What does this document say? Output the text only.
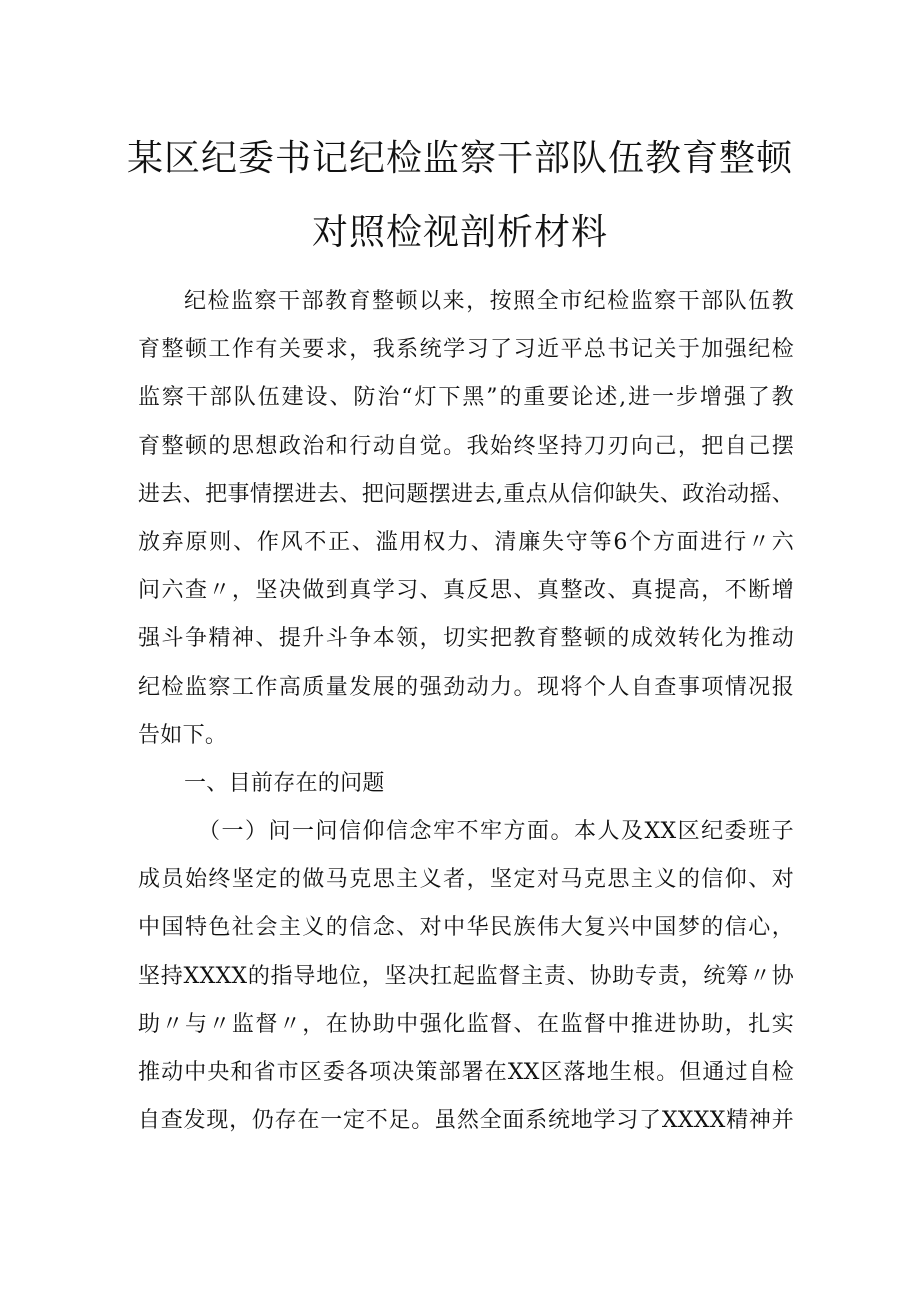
某区纪委书记纪检监察干部队伍教育整顿
对照检视剖析材料
纪检监察干部教育整顿以来，按照全市纪检监察干部队伍教
育整顿工作有关要求，我系统学习了习近平总书记关于加强纪检
监察干部队伍建设、防治“灯下黑”的重要论述,进一步增强了教
育整顿的思想政治和行动自觉。我始终坚持刀刃向己，把自己摆
进去、把事情摆进去、把问题摆进去,重点从信仰缺失、政治动摇、
放弃原则、作风不正、滥用权力、清廉失守等6个方面进行〃六
问六查〃，坚决做到真学习、真反思、真整改、真提高，不断增
强斗争精神、提升斗争本领，切实把教育整顿的成效转化为推动
纪检监察工作高质量发展的强劲动力。现将个人自查事项情况报
告如下。
一、目前存在的问题
（一）问一问信仰信念牢不牢方面。本人及XX区纪委班子
成员始终坚定的做马克思主义者，坚定对马克思主义的信仰、对
中国特色社会主义的信念、对中华民族伟大复兴中国梦的信心，
坚持XXXX的指导地位，坚决扛起监督主责、协助专责，统筹〃协
助〃与〃监督〃，在协助中强化监督、在监督中推进协助，扎实
推动中央和省市区委各项决策部署在XX区落地生根。但通过自检
自查发现，仍存在一定不足。虽然全面系统地学习了XXXX精神并
